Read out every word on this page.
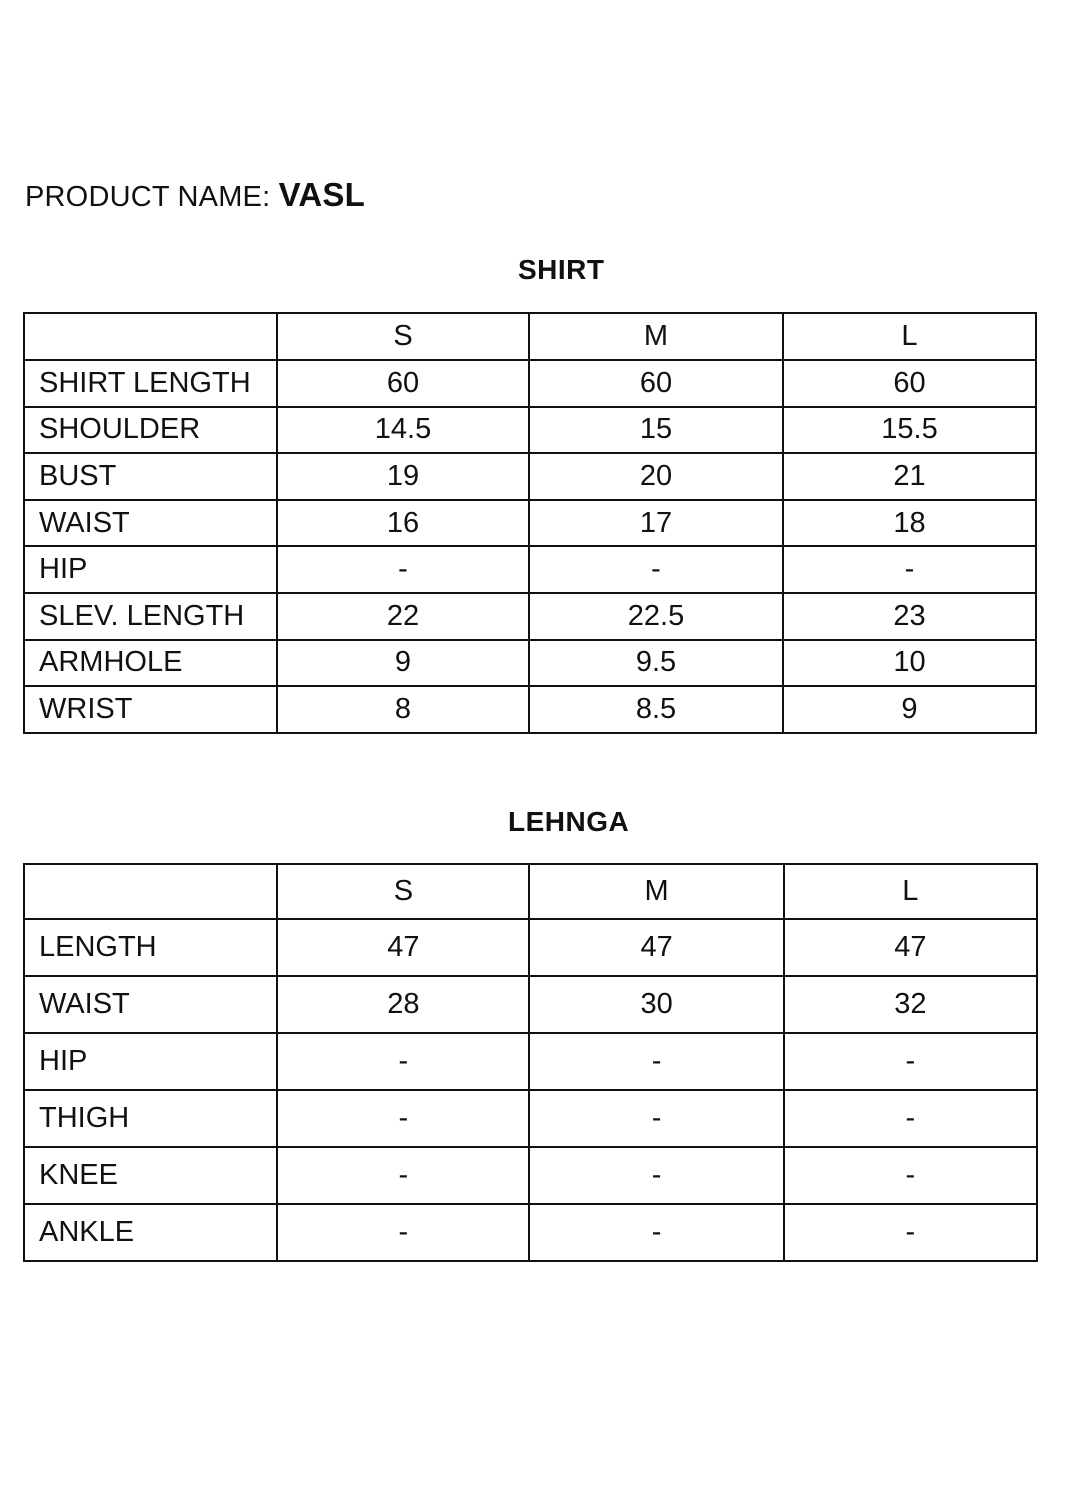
PRODUCT NAME: VASL
SHIRT
	S	M	L
SHIRT LENGTH	60	60	60
SHOULDER	14.5	15	15.5
BUST	19	20	21
WAIST	16	17	18
HIP	-	-	-
SLEV. LENGTH	22	22.5	23
ARMHOLE	9	9.5	10
WRIST	8	8.5	9
LEHNGA
	S	M	L
LENGTH	47	47	47
WAIST	28	30	32
HIP	-	-	-
THIGH	-	-	-
KNEE	-	-	-
ANKLE	-	-	-
